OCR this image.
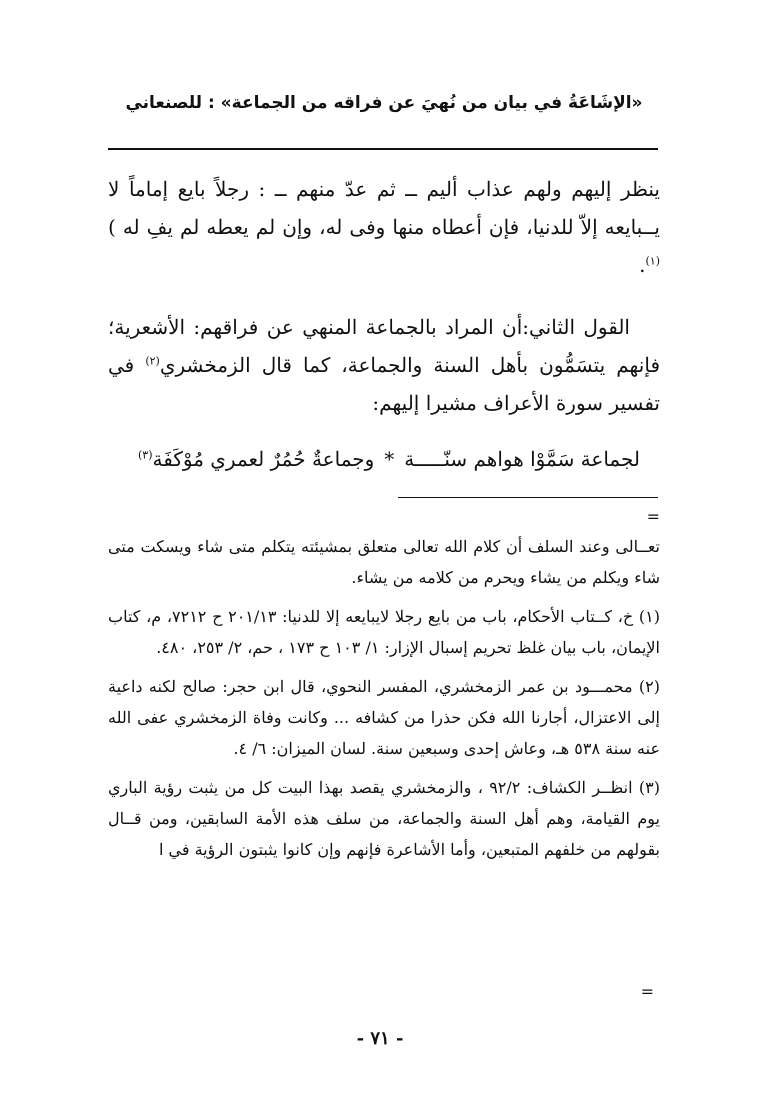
«الإشَاعَةُ في بيان من نُهيَ عن فراقه من الجماعة» : للصنعاني

ينظر إليهم ولهم عذاب أليم ــ ثم عدّ منهم ــ : رجلاً بايع إماماً لا يــبايعه إلاّ للدنيا، فإن أعطاه منها وفى له، وإن لم يعطه لم يفِ له )$^{(١)}$.

القول الثاني:أن المراد بالجماعة المنهي عن فراقهم: الأشعرية؛ فإنهم يتسَمُّون بأهل السنة والجماعة، كما قال الزمخشري$^{(٢)}$ في تفسير سورة الأعراف مشيرا إليهم:

لجماعة سَمَّوْا هواهم سنّـــــة*وجماعةٌ حُمُرٌ لعمري مُوْكَفَة$^{(٣)}$

=

تعــالى وعند السلف أن كلام الله تعالى متعلق بمشيئته يتكلم متى شاء ويسكت متى شاء ويكلم من يشاء ويحرم من كلامه من يشاء.

(١) خ، كــتاب الأحكام، باب من بايع رجلا لايبايعه إلا للدنيا: ٢٠١/١٣ ح ٧٢١٢، م، كتاب الإيمان، باب بيان غلظ تحريم إسبال الإزار: ١/ ١٠٣ ح ١٧٣ ، حم، ٢/ ٢٥٣، ٤٨٠.

(٢) محمـــود بن عمر الزمخشري، المفسر النحوي، قال ابن حجر: صالح لكنه داعية إلى الاعتزال، أجارنا الله فكن حذرا من كشافه ... وكانت وفاة الزمخشري عفى الله عنه سنة ٥٣٨ هـ، وعاش إحدى وسبعين سنة. لسان الميزان: ٦/ ٤.

(٣) انظــر الكشاف: ٩٢/٢ ، والزمخشري يقصد بهذا البيت كل من يثبت رؤية الباري يوم القيامة، وهم أهل السنة والجماعة، من سلف هذه الأمة السابقين، ومن قــال بقولهم من خلفهم المتبعين، وأما الأشاعرة فإنهم وإن كانوا يثبتون الرؤية في ا

=
- ٧١ -
